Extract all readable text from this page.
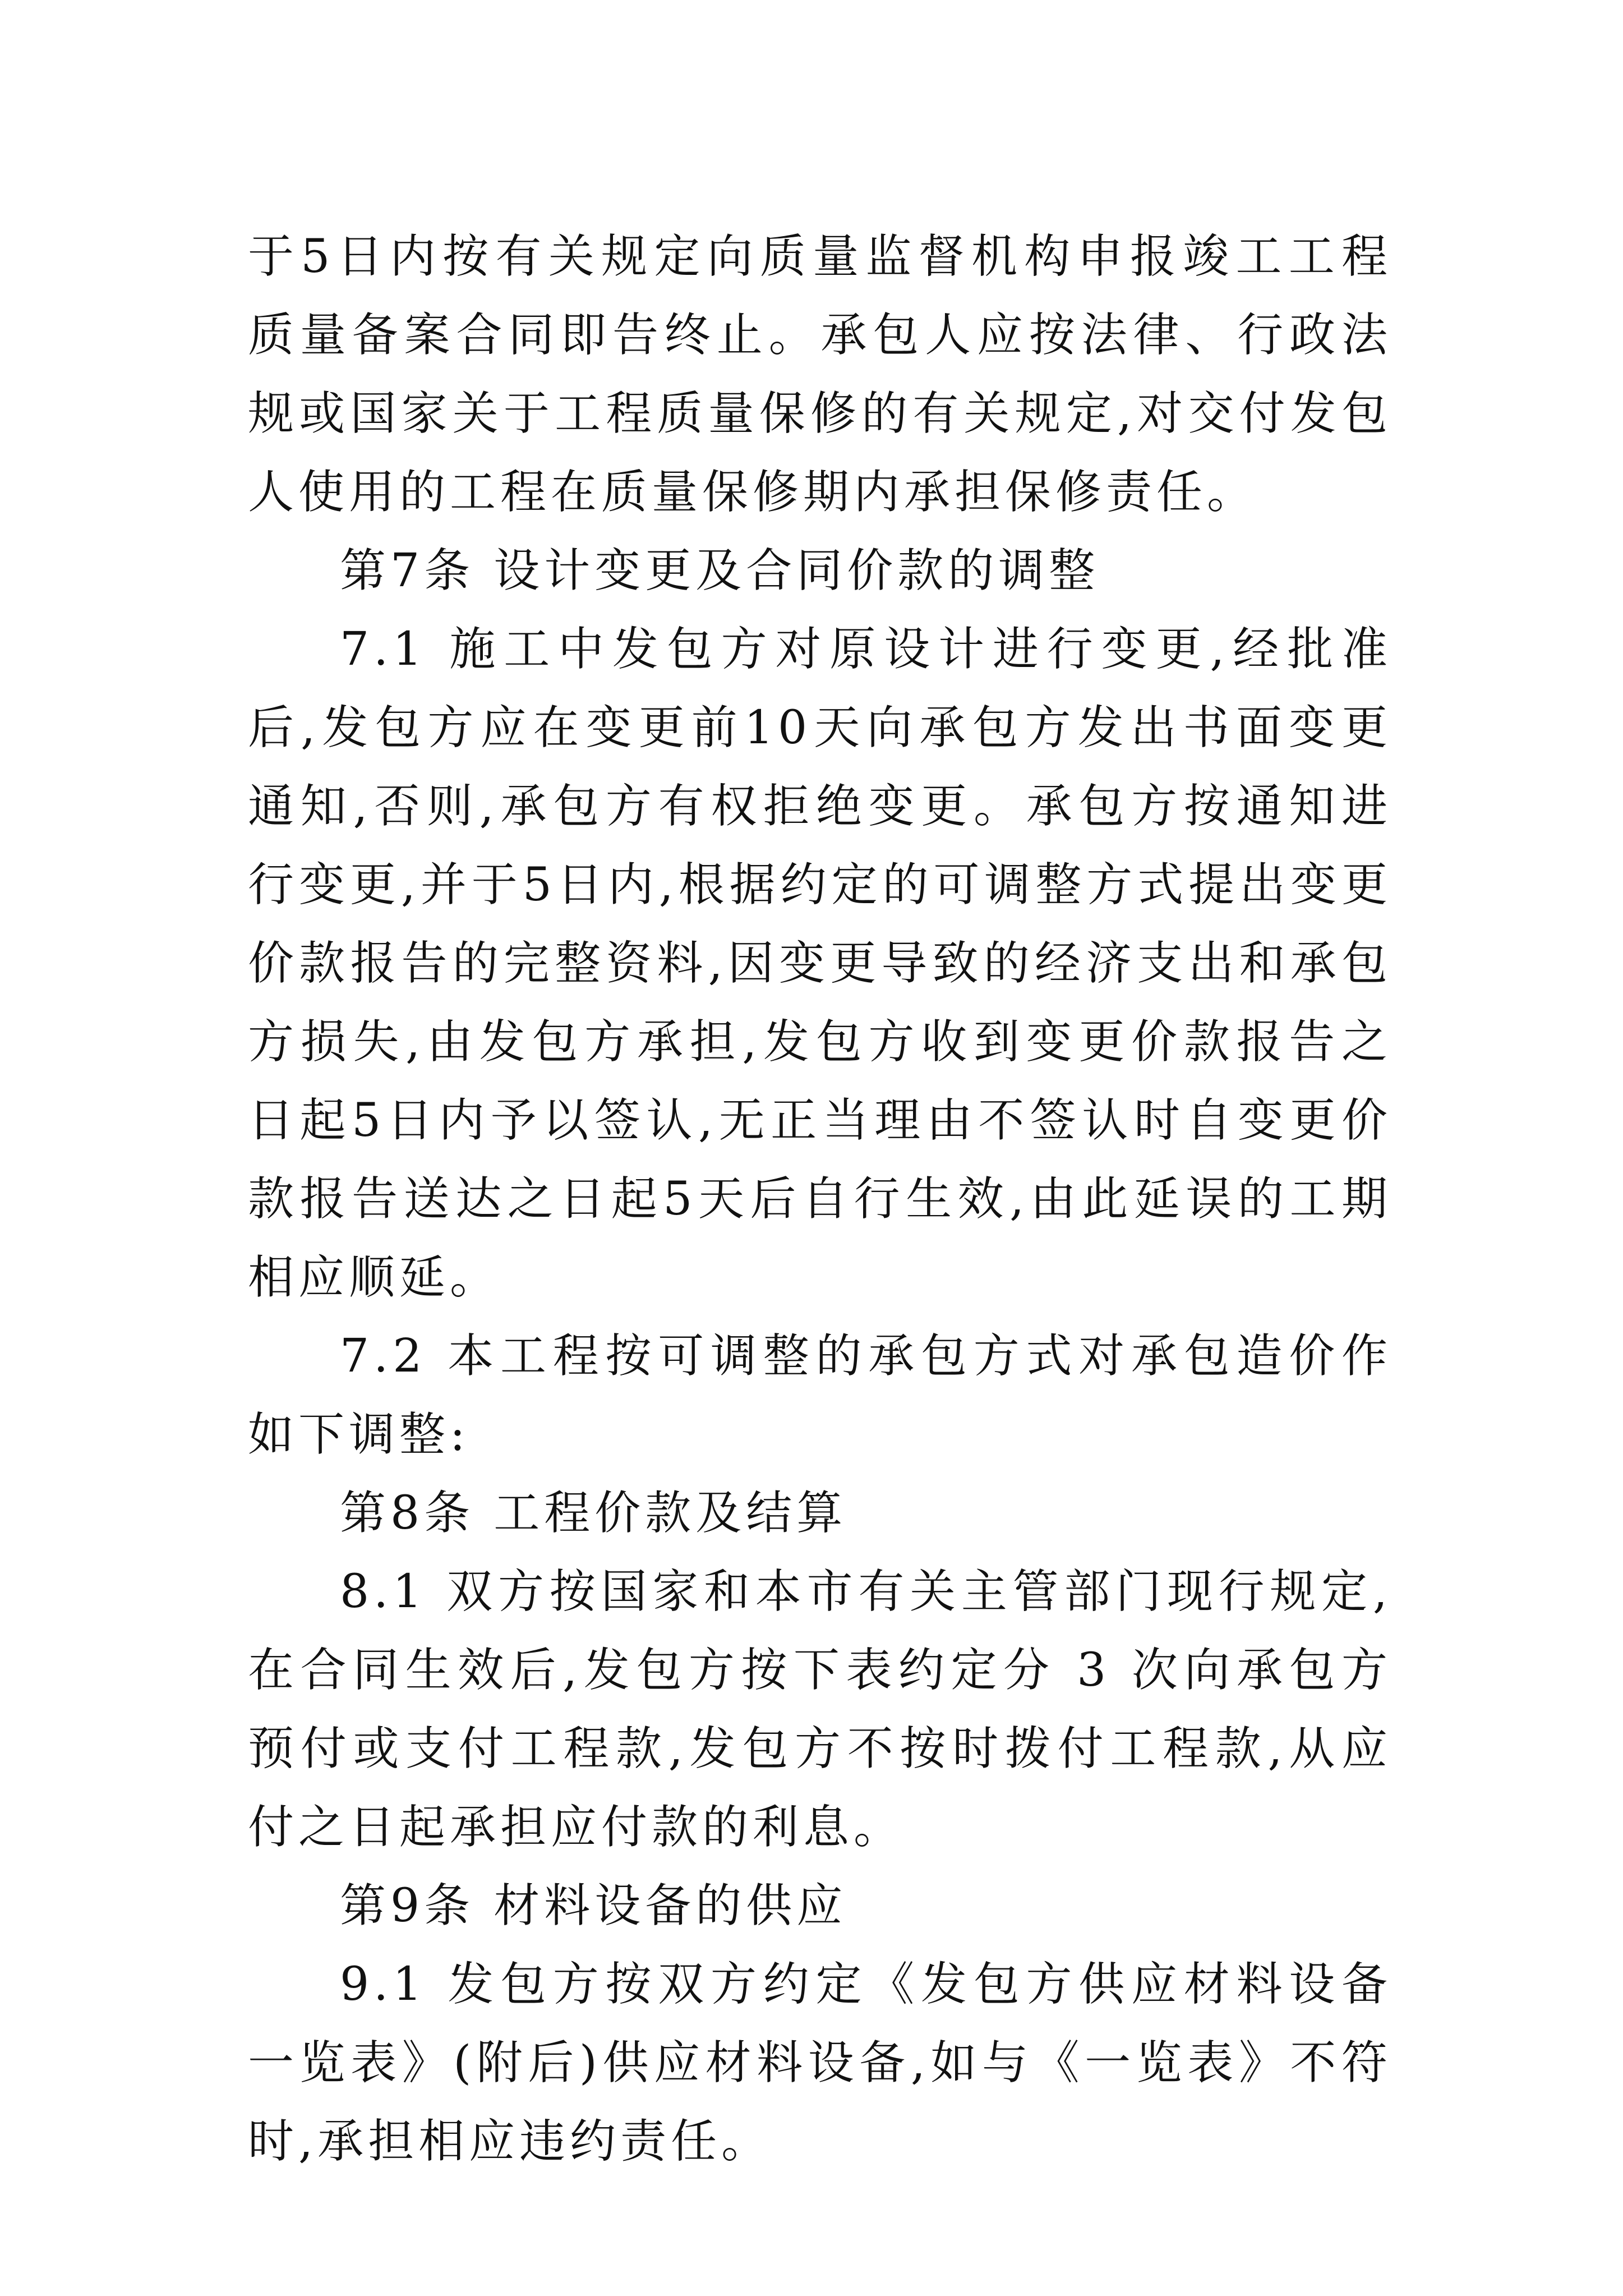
于5日内按有关规定向质量监督机构申报竣工工程质量备案合同即告终止。承包人应按法律、行政法规或国家关于工程质量保修的有关规定,对交付发包人使用的工程在质量保修期内承担保修责任。

第7条 设计变更及合同价款的调整

7.1 施工中发包方对原设计进行变更,经批准后,发包方应在变更前10天向承包方发出书面变更通知,否则,承包方有权拒绝变更。承包方按通知进行变更,并于5日内,根据约定的可调整方式提出变更价款报告的完整资料,因变更导致的经济支出和承包方损失,由发包方承担,发包方收到变更价款报告之日起5日内予以签认,无正当理由不签认时自变更价款报告送达之日起5天后自行生效,由此延误的工期相应顺延。

7.2 本工程按可调整的承包方式对承包造价作如下调整:

第8条 工程价款及结算

8.1 双方按国家和本市有关主管部门现行规定,在合同生效后,发包方按下表约定分 3 次向承包方预付或支付工程款,发包方不按时拨付工程款,从应付之日起承担应付款的利息。

第9条 材料设备的供应

9.1 发包方按双方约定《发包方供应材料设备一览表》(附后)供应材料设备,如与《一览表》不符时,承担相应违约责任。
